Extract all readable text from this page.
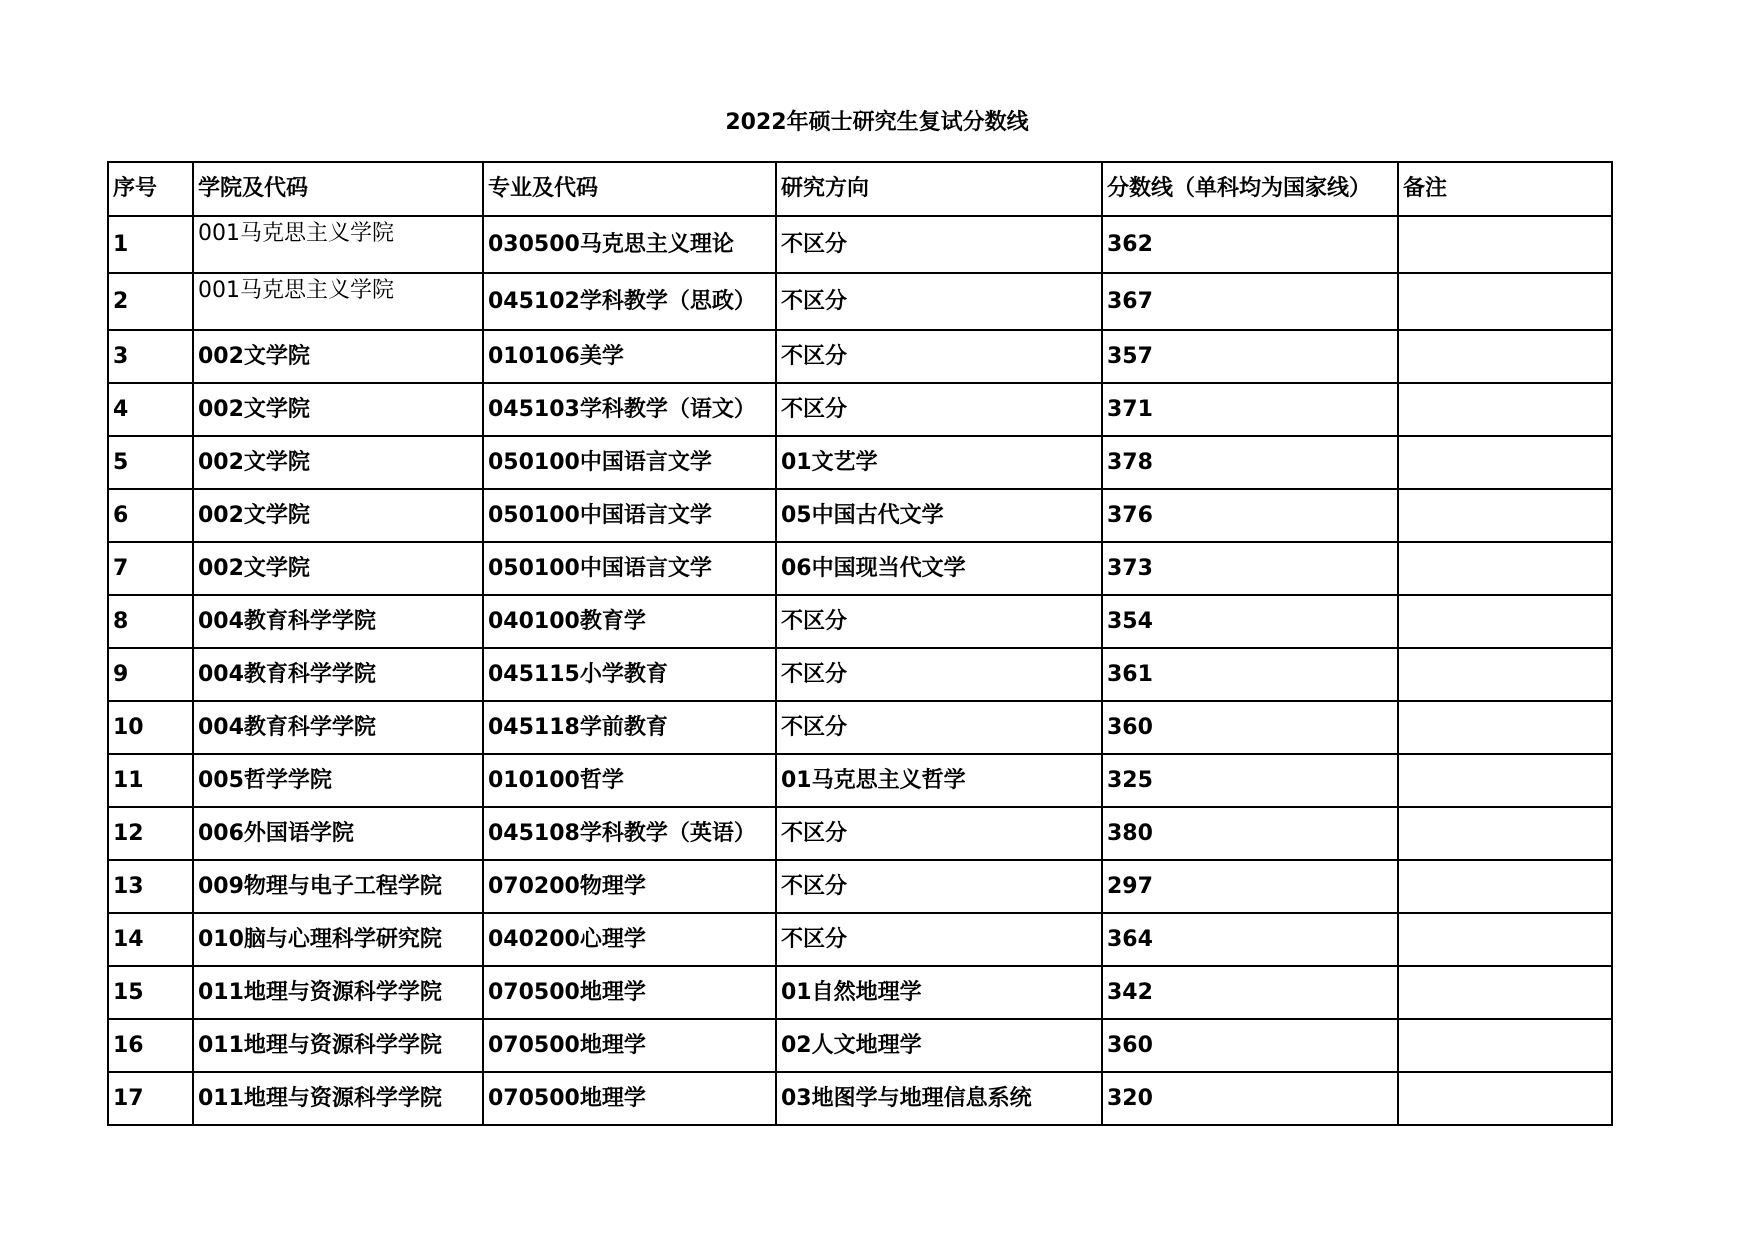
2022年硕士研究生复试分数线
序号	学院及代码	专业及代码	研究方向	分数线（单科均为国家线）	备注
1	001马克思主义学院	030500马克思主义理论	不区分	362	
2	001马克思主义学院	045102学科教学（思政）	不区分	367	
3	002文学院	010106美学	不区分	357	
4	002文学院	045103学科教学（语文）	不区分	371	
5	002文学院	050100中国语言文学	01文艺学	378	
6	002文学院	050100中国语言文学	05中国古代文学	376	
7	002文学院	050100中国语言文学	06中国现当代文学	373	
8	004教育科学学院	040100教育学	不区分	354	
9	004教育科学学院	045115小学教育	不区分	361	
10	004教育科学学院	045118学前教育	不区分	360	
11	005哲学学院	010100哲学	01马克思主义哲学	325	
12	006外国语学院	045108学科教学（英语）	不区分	380	
13	009物理与电子工程学院	070200物理学	不区分	297	
14	010脑与心理科学研究院	040200心理学	不区分	364	
15	011地理与资源科学学院	070500地理学	01自然地理学	342	
16	011地理与资源科学学院	070500地理学	02人文地理学	360	
17	011地理与资源科学学院	070500地理学	03地图学与地理信息系统	320	
